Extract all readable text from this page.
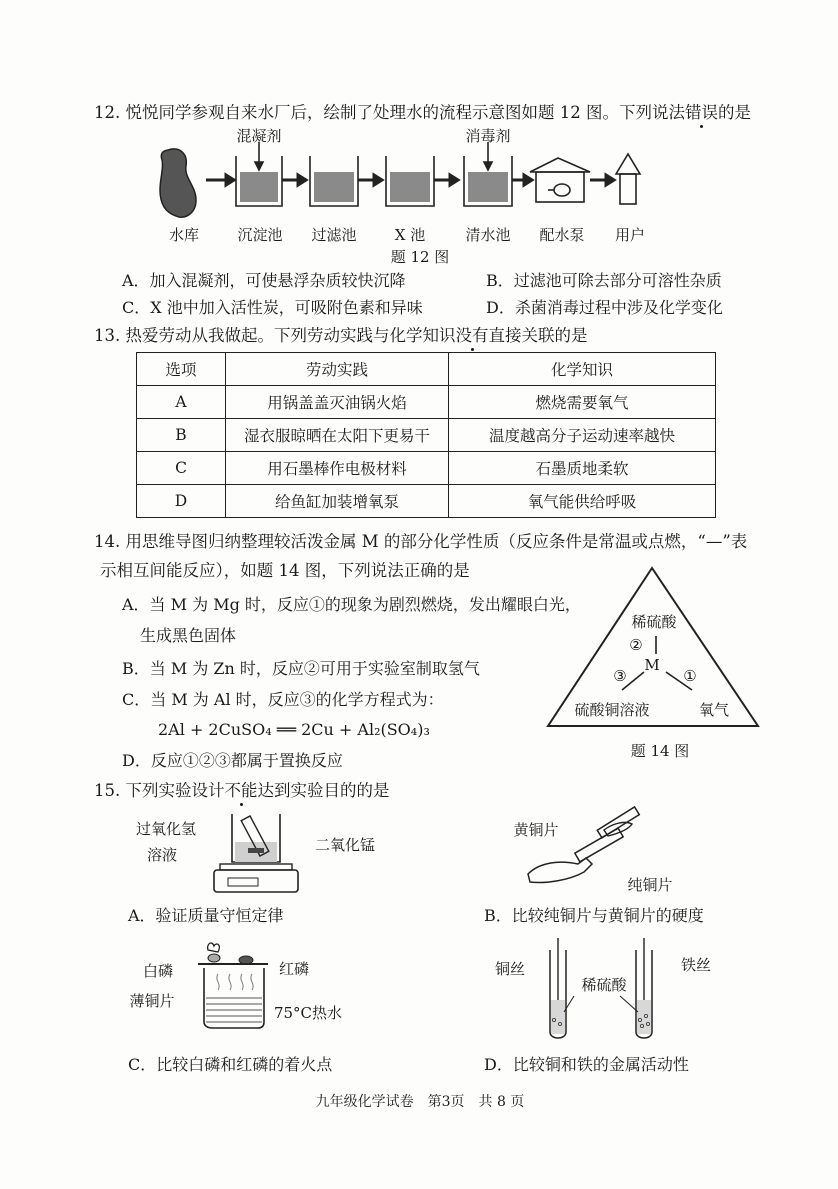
12. 悦悦同学参观自来水厂后，绘制了处理水的流程示意图如题 12 图。下列说法错误的是
混凝剂	消毒剂
水库	沉淀池 过滤池	X 池	清水池	配水泵	用户
题 12 图
A．加入混凝剂，可使悬浮杂质较快沉降	B．过滤池可除去部分可溶性杂质
C．X 池中加入活性炭，可吸附色素和异味	D．杀菌消毒过程中涉及化学变化
13. 热爱劳动从我做起。下列劳动实践与化学知识没有直接关联的是
选项	劳动实践	化学知识
A	用锅盖盖灭油锅火焰	燃烧需要氧气
B	湿衣服晾晒在太阳下更易干	温度越高分子运动速率越快
C	用石墨棒作电极材料	石墨质地柔软
D	给鱼缸加装增氧泵	氧气能供给呼吸
14. 用思维导图归纳整理较活泼金属 M 的部分化学性质（反应条件是常温或点燃，“—”表
示相互间能反应），如题 14 图，下列说法正确的是
A．当 M 为 Mg 时，反应①的现象为剧烈燃烧，发出耀眼白光，
生成黑色固体
B．当 M 为 Zn 时，反应②可用于实验室制取氢气
C．当 M 为 Al 时，反应③的化学方程式为：
2Al + 2CuSO₄ ══ 2Cu + Al₂(SO₄)₃
D．反应①②③都属于置换反应
稀硫酸
②
M
③	①
硫酸铜溶液	氧气
题 14 图
15. 下列实验设计不能达到实验目的的是
过氧化氢
溶液
二氧化锰
A．验证质量守恒定律
黄铜片
纯铜片
B．比较纯铜片与黄铜片的硬度
白磷	红磷
薄铜片
75°C热水
C．比较白磷和红磷的着火点
铜丝
稀硫酸
铁丝
D．比较铜和铁的金属活动性
九年级化学试卷　第3页　共 8 页
